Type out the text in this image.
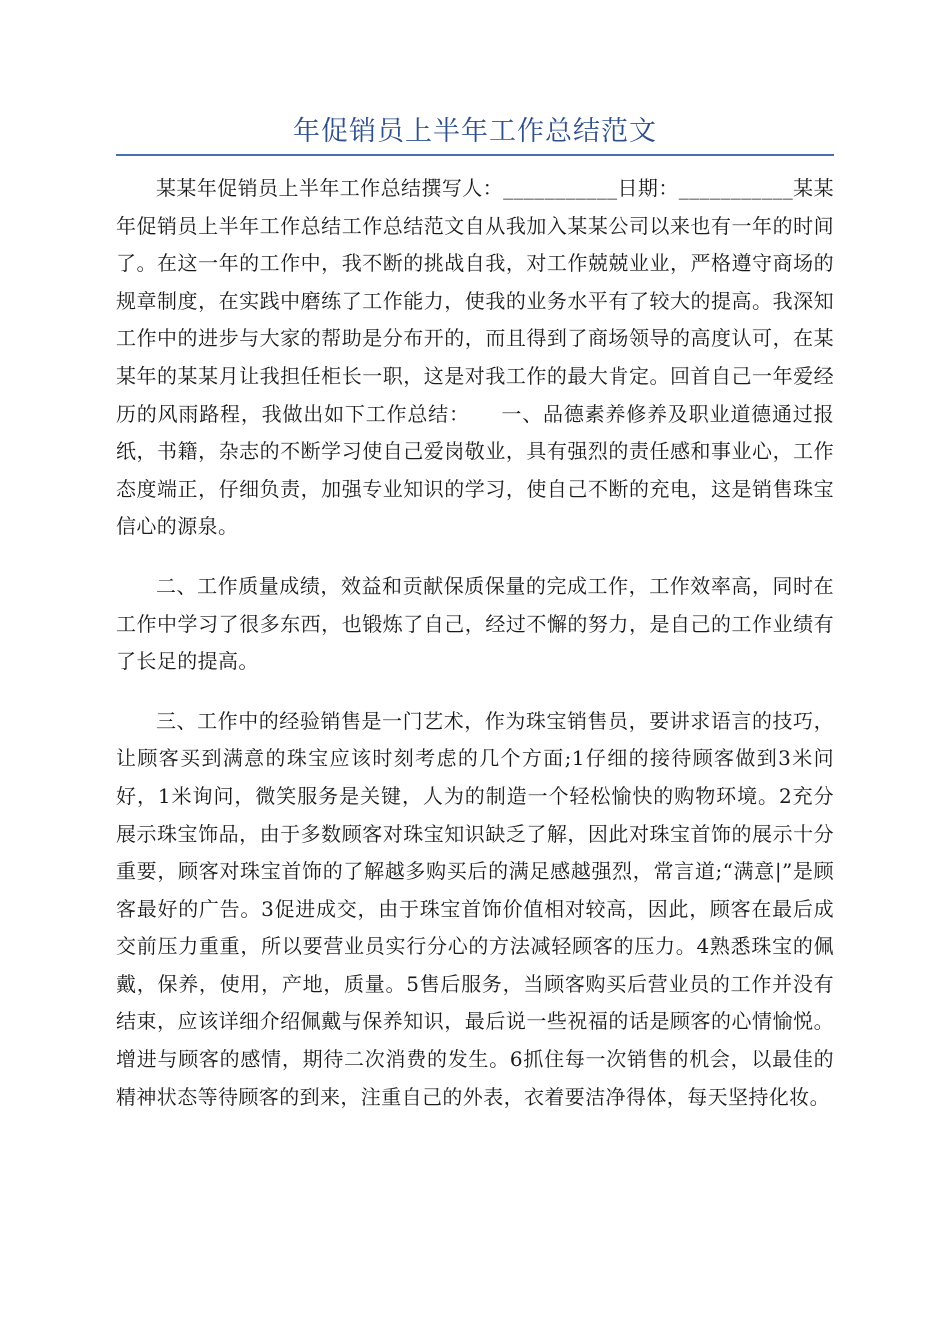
年促销员上半年工作总结范文

某某年促销员上半年工作总结撰写人：___________日期：___________某某年促销员上半年工作总结工作总结范文自从我加入某某公司以来也有一年的时间了。在这一年的工作中，我不断的挑战自我，对工作兢兢业业，严格遵守商场的规章制度，在实践中磨练了工作能力，使我的业务水平有了较大的提高。我深知工作中的进步与大家的帮助是分布开的，而且得到了商场领导的高度认可，在某某年的某某月让我担任柜长一职，这是对我工作的最大肯定。回首自己一年爱经历的风雨路程，我做出如下工作总结：　　一、品德素养修养及职业道德通过报纸，书籍，杂志的不断学习使自己爱岗敬业，具有强烈的责任感和事业心，工作态度端正，仔细负责，加强专业知识的学习，使自己不断的充电，这是销售珠宝信心的源泉。

二、工作质量成绩，效益和贡献保质保量的完成工作，工作效率高，同时在工作中学习了很多东西，也锻炼了自己，经过不懈的努力，是自己的工作业绩有了长足的提高。

三、工作中的经验销售是一门艺术，作为珠宝销售员，要讲求语言的技巧，让顾客买到满意的珠宝应该时刻考虑的几个方面;1仔细的接待顾客做到3米问好，1米询问，微笑服务是关键，人为的制造一个轻松愉快的购物环境。2充分展示珠宝饰品，由于多数顾客对珠宝知识缺乏了解，因此对珠宝首饰的展示十分重要，顾客对珠宝首饰的了解越多购买后的满足感越强烈，常言道;“满意|”是顾客最好的广告。3促进成交，由于珠宝首饰价值相对较高，因此，顾客在最后成交前压力重重，所以要营业员实行分心的方法减轻顾客的压力。4熟悉珠宝的佩戴，保养，使用，产地，质量。5售后服务，当顾客购买后营业员的工作并没有结束，应该详细介绍佩戴与保养知识，最后说一些祝福的话是顾客的心情愉悦。增进与顾客的感情，期待二次消费的发生。6抓住每一次销售的机会，以最佳的精神状态等待顾客的到来，注重自己的外表，衣着要洁净得体，每天坚持化妆。
